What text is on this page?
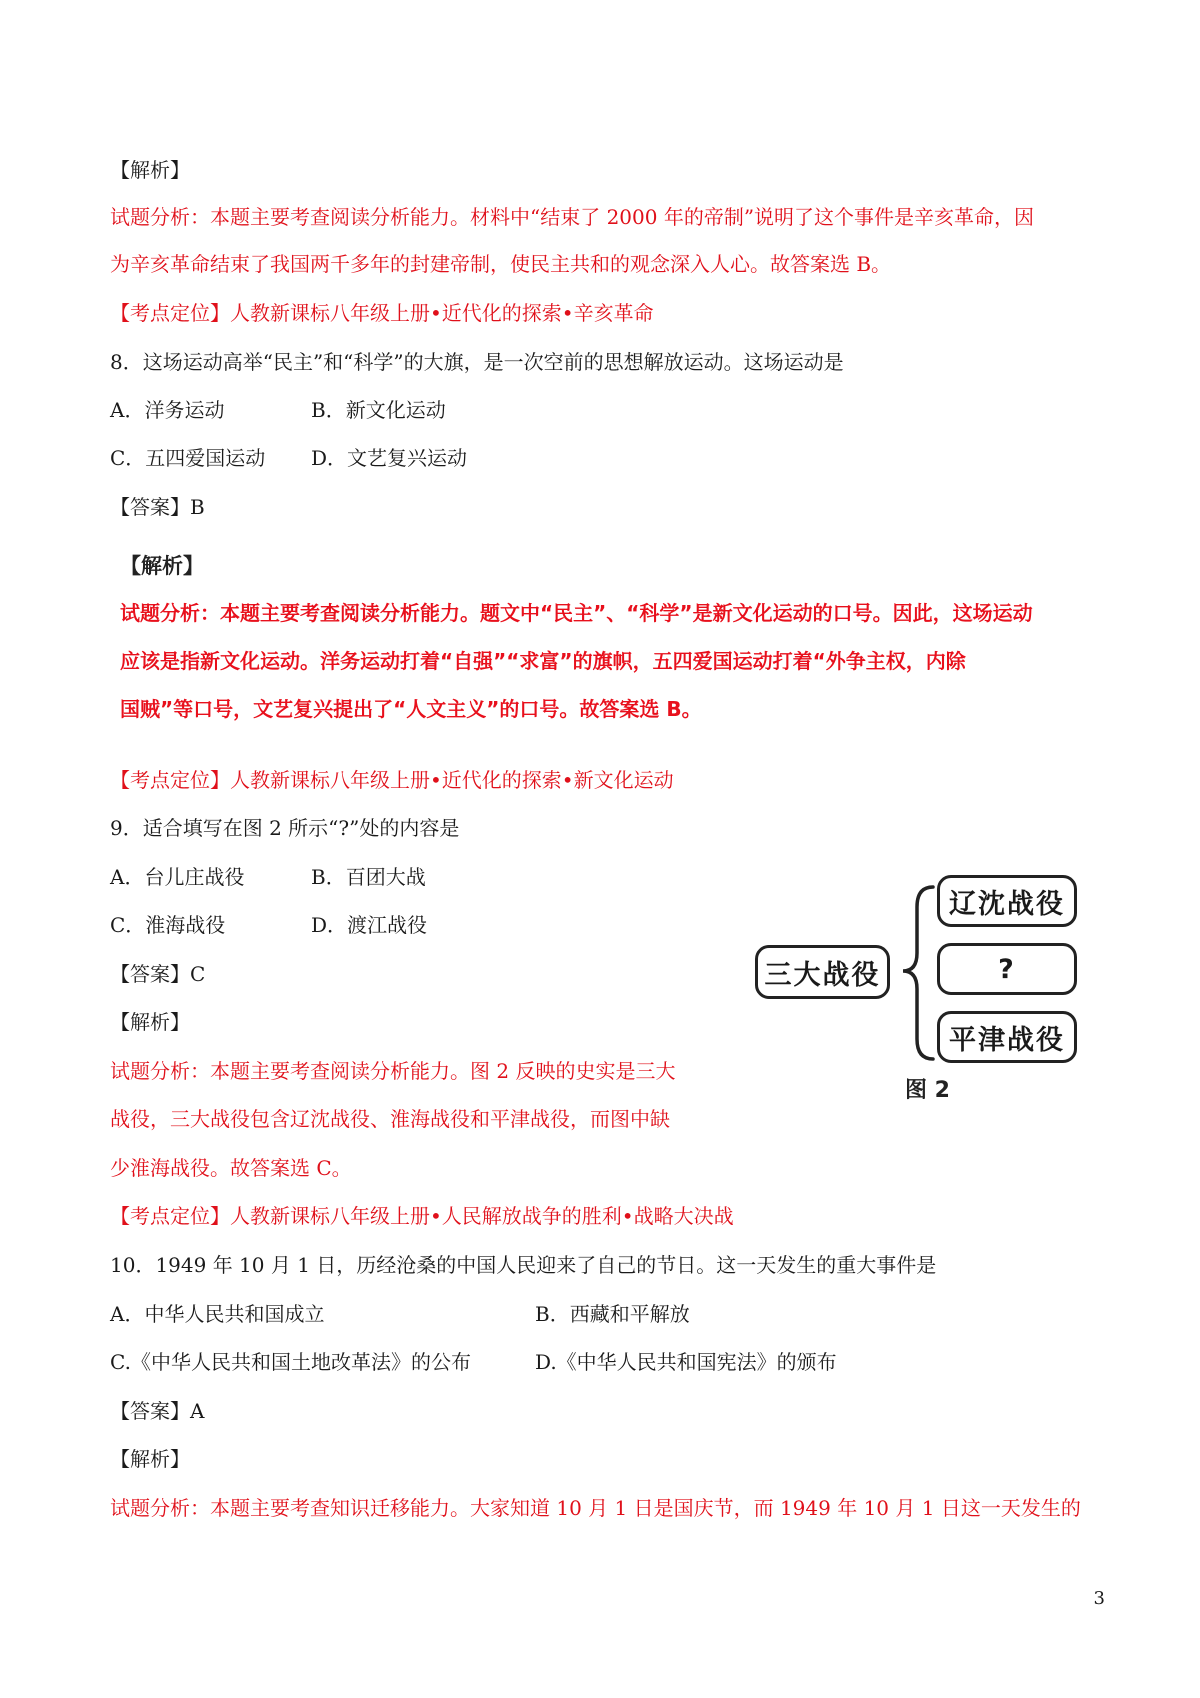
【解析】
试题分析：本题主要考查阅读分析能力。材料中“结束了 2000 年的帝制”说明了这个事件是辛亥革命，因
为辛亥革命结束了我国两千多年的封建帝制，使民主共和的观念深入人心。故答案选 B。
【考点定位】人教新课标八年级上册•近代化的探索•辛亥革命
8．这场运动高举“民主”和“科学”的大旗，是一次空前的思想解放运动。这场运动是
A．洋务运动	B．新文化运动
C．五四爱国运动 D．文艺复兴运动
【答案】B
【解析】
试题分析：本题主要考查阅读分析能力。题文中“民主”、“科学”是新文化运动的口号。因此，这场运动
应该是指新文化运动。洋务运动打着“自强”“求富”的旗帜，五四爱国运动打着“外争主权，内除
国贼”等口号，文艺复兴提出了“人文主义”的口号。故答案选 B。
【考点定位】人教新课标八年级上册•近代化的探索•新文化运动
9．适合填写在图 2 所示“?”处的内容是
A．台儿庄战役	B．百团大战
C．淮海战役	D．渡江战役
【答案】C
【解析】
试题分析：本题主要考查阅读分析能力。图 2 反映的史实是三大
战役，三大战役包含辽沈战役、淮海战役和平津战役，而图中缺
少淮海战役。故答案选 C。
【考点定位】人教新课标八年级上册•人民解放战争的胜利•战略大决战
三大战役
辽沈战役
?
平津战役
图 2
10．1949 年 10 月 1 日，历经沧桑的中国人民迎来了自己的节日。这一天发生的重大事件是
A．中华人民共和国成立	B．西藏和平解放
C.《中华人民共和国土地改革法》的公布	D.《中华人民共和国宪法》的颁布
【答案】A
【解析】
试题分析：本题主要考查知识迁移能力。大家知道 10 月 1 日是国庆节，而 1949 年 10 月 1 日这一天发生的
3
